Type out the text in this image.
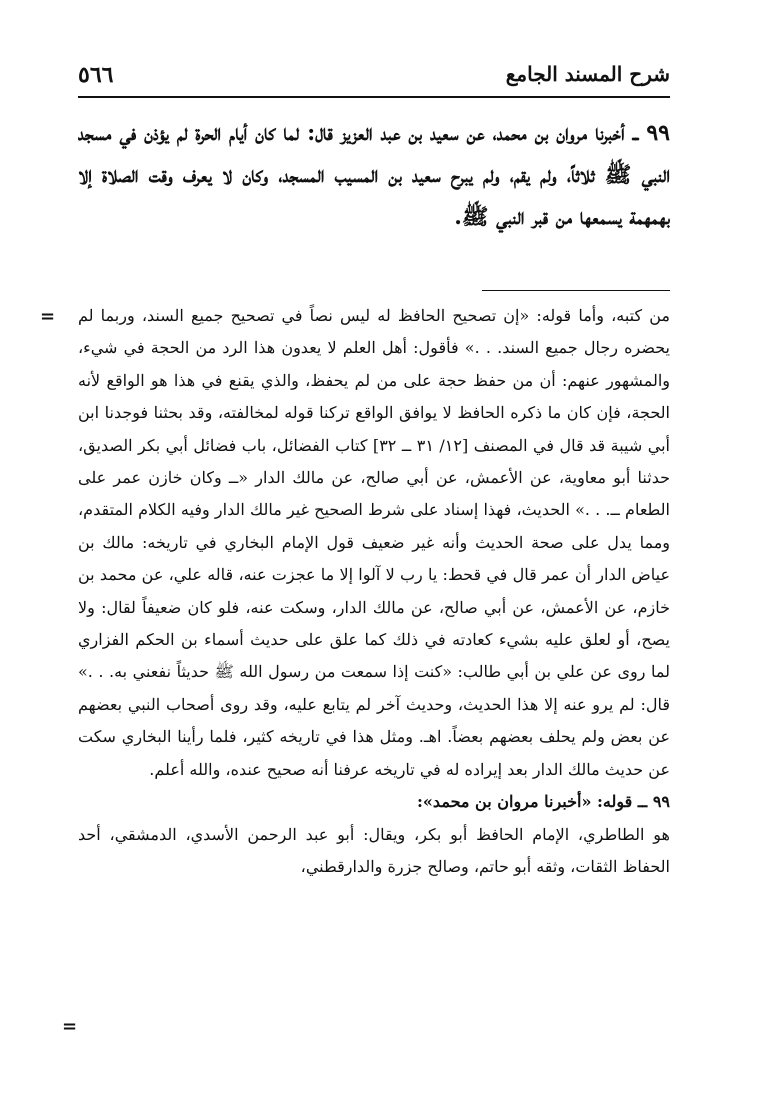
شرح المسند الجامع
٥٦٦

٩٩ ــ أخبرنا مروان بن محمد، عن سعيد بن عبد العزيز قال: لما كان أيام الحرة لم يؤذن في مسجد النبي ﷺ ثلاثاً، ولم يقم، ولم يبرح سعيد بن المسيب المسجد، وكان لا يعرف وقت الصلاة إلا بهمهمة يسمعها من قبر النبي ﷺ.

= من كتبه، وأما قوله: «إن تصحيح الحافظ له ليس نصاً في تصحيح جميع السند، وربما لم يحضره رجال جميع السند. . .» فأقول: أهل العلم لا يعدون هذا الرد من الحجة في شيء، والمشهور عنهم: أن من حفظ حجة على من لم يحفظ، والذي يقنع في هذا هو الواقع لأنه الحجة، فإن كان ما ذكره الحافظ لا يوافق الواقع تركنا قوله لمخالفته، وقد بحثنا فوجدنا ابن أبي شيبة قد قال في المصنف [١٢/ ٣١ ــ ٣٢] كتاب الفضائل، باب فضائل أبي بكر الصديق، حدثنا أبو معاوية، عن الأعمش، عن أبي صالح، عن مالك الدار «ــ وكان خازن عمر على الطعام ــ. . .» الحديث، فهذا إسناد على شرط الصحيح غير مالك الدار وفيه الكلام المتقدم، ومما يدل على صحة الحديث وأنه غير ضعيف قول الإمام البخاري في تاريخه: مالك بن عياض الدار أن عمر قال في قحط: يا رب لا آلوا إلا ما عجزت عنه، قاله علي، عن محمد بن خازم، عن الأعمش، عن أبي صالح، عن مالك الدار، وسكت عنه، فلو كان ضعيفاً لقال: ولا يصح، أو لعلق عليه بشيء كعادته في ذلك كما علق على حديث أسماء بن الحكم الفزاري لما روى عن علي بن أبي طالب: «كنت إذا سمعت من رسول الله ﷺ حديثاً نفعني به. . .» قال: لم يرو عنه إلا هذا الحديث، وحديث آخر لم يتابع عليه، وقد روى أصحاب النبي بعضهم عن بعض ولم يحلف بعضهم بعضاً. اهـ. ومثل هذا في تاريخه كثير، فلما رأينا البخاري سكت عن حديث مالك الدار بعد إيراده له في تاريخه عرفنا أنه صحيح عنده، والله أعلم.

٩٩ ــ قوله: «أخبرنا مروان بن محمد»:

هو الطاطري، الإمام الحافظ أبو بكر، ويقال: أبو عبد الرحمن الأسدي، الدمشقي، أحد الحفاظ الثقات، وثقه أبو حاتم، وصالح جزرة والدارقطني،

=
